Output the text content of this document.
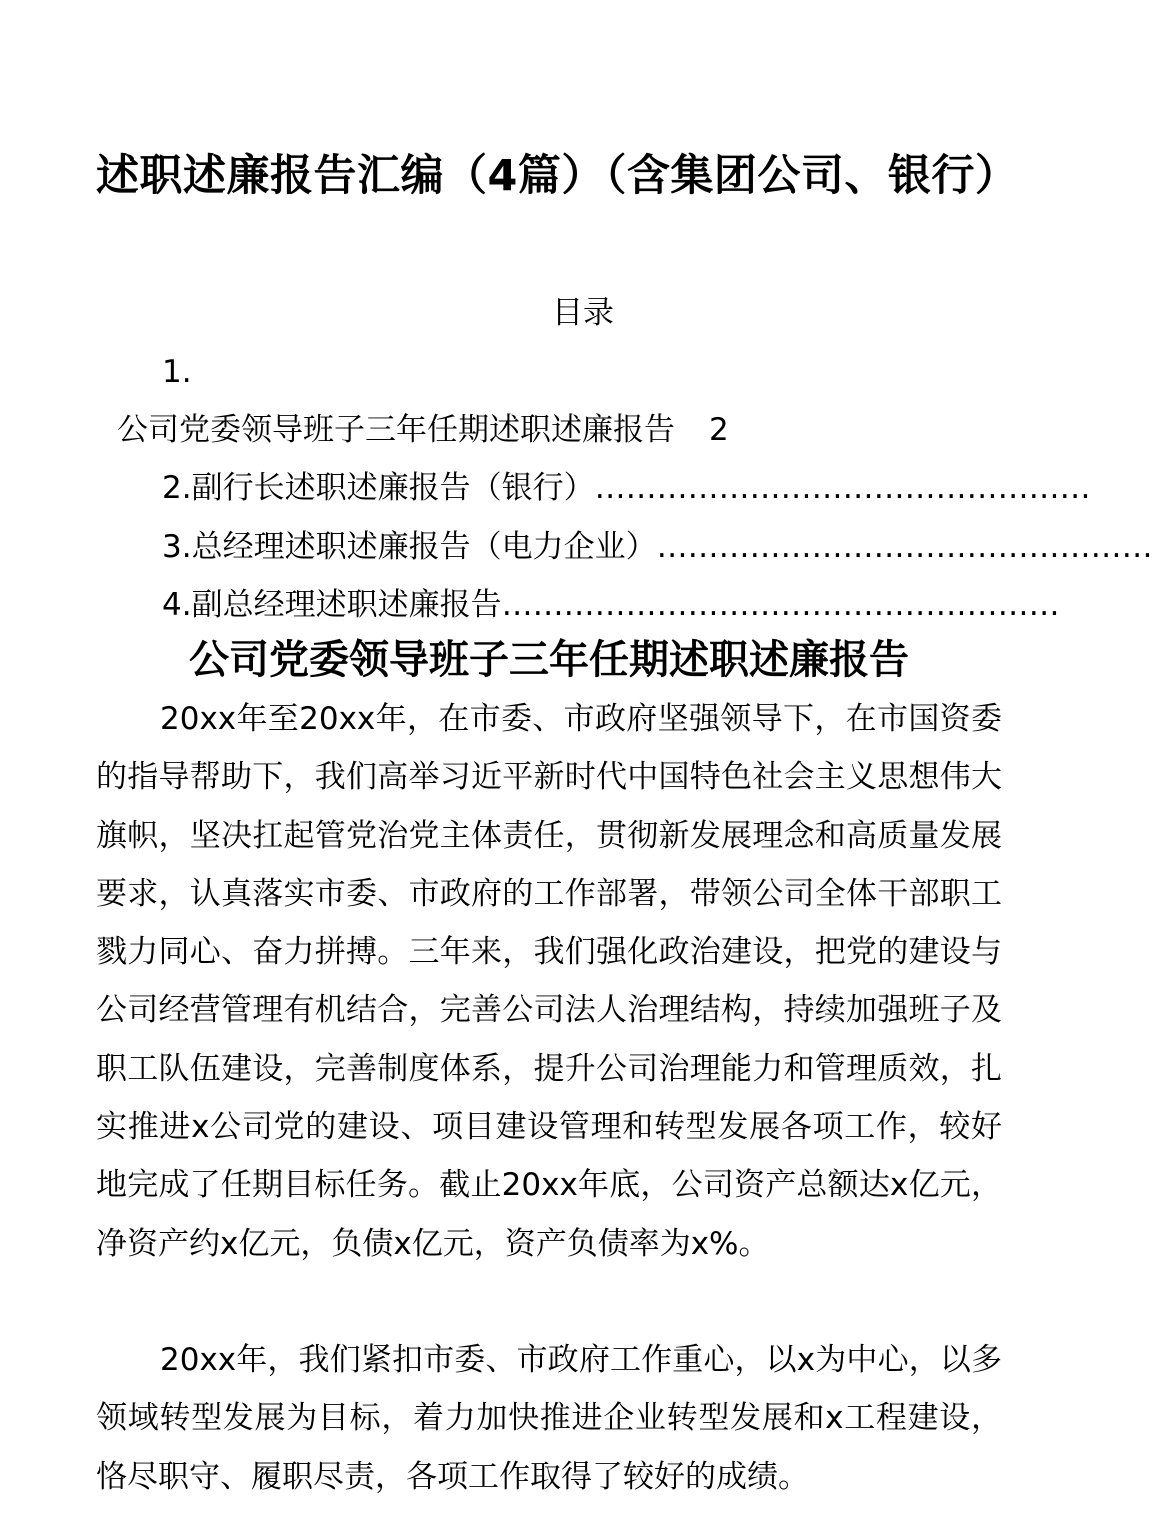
述职述廉报告汇编（4篇）（含集团公司、银行）
目录
1.
公司党委领导班子三年任期述职述廉报告 2
2.副行长述职述廉报告（银行）…………………………………………
3.总经理述职述廉报告（电力企业）…………………………………………
4.副总经理述职述廉报告………………………………………………
公司党委领导班子三年任期述职述廉报告

20xx年至20xx年，在市委、市政府坚强领导下，在市国资委的指导帮助下，我们高举习近平新时代中国特色社会主义思想伟大旗帜，坚决扛起管党治党主体责任，贯彻新发展理念和高质量发展要求，认真落实市委、市政府的工作部署，带领公司全体干部职工戮力同心、奋力拼搏。三年来，我们强化政治建设，把党的建设与公司经营管理有机结合，完善公司法人治理结构，持续加强班子及职工队伍建设，完善制度体系，提升公司治理能力和管理质效，扎实推进x公司党的建设、项目建设管理和转型发展各项工作，较好地完成了任期目标任务。截止20xx年底，公司资产总额达x亿元，净资产约x亿元，负债x亿元，资产负债率为x%。

20xx年，我们紧扣市委、市政府工作重心，以x为中心，以多领域转型发展为目标，着力加快推进企业转型发展和x工程建设，恪尽职守、履职尽责，各项工作取得了较好的成绩。
